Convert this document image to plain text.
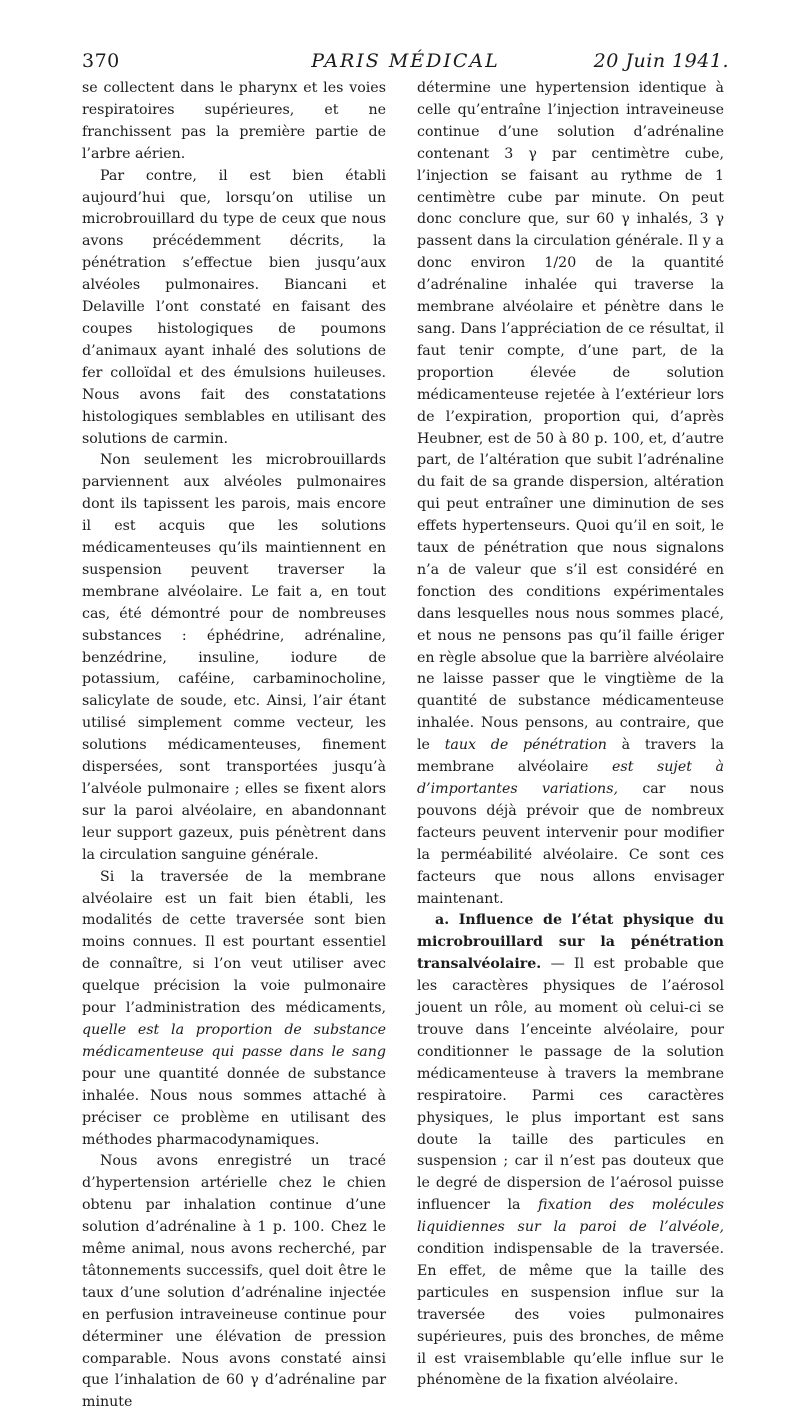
370	PARIS MÉDICAL	20 Juin 1941.

se collectent dans le pharynx et les voies respiratoires supérieures, et ne franchissent pas la première partie de l’arbre aérien.

Par contre, il est bien établi aujourd’hui que, lorsqu’on utilise un microbrouillard du type de ceux que nous avons précédemment décrits, la pénétration s’effectue bien jusqu’aux alvéoles pulmonaires. Biancani et Delaville l’ont constaté en faisant des coupes histologiques de poumons d’animaux ayant inhalé des solutions de fer colloïdal et des émulsions huileuses. Nous avons fait des constatations histologiques semblables en utilisant des solutions de carmin.

Non seulement les microbrouillards parviennent aux alvéoles pulmonaires dont ils tapissent les parois, mais encore il est acquis que les solutions médicamenteuses qu’ils maintiennent en suspension peuvent traverser la membrane alvéolaire. Le fait a, en tout cas, été démontré pour de nombreuses substances : éphédrine, adrénaline, benzédrine, insuline, iodure de potassium, caféine, carbaminocholine, salicylate de soude, etc. Ainsi, l’air étant utilisé simplement comme vecteur, les solutions médicamenteuses, finement dispersées, sont transportées jusqu’à l’alvéole pulmonaire ; elles se fixent alors sur la paroi alvéolaire, en abandonnant leur support gazeux, puis pénètrent dans la circulation sanguine générale.

Si la traversée de la membrane alvéolaire est un fait bien établi, les modalités de cette traversée sont bien moins connues. Il est pourtant essentiel de connaître, si l’on veut utiliser avec quelque précision la voie pulmonaire pour l’administration des médicaments, quelle est la proportion de substance médicamenteuse qui passe dans le sang pour une quantité donnée de substance inhalée. Nous nous sommes attaché à préciser ce problème en utilisant des méthodes pharmacodynamiques.

Nous avons enregistré un tracé d’hypertension artérielle chez le chien obtenu par inhalation continue d’une solution d’adrénaline à 1 p. 100. Chez le même animal, nous avons recherché, par tâtonnements successifs, quel doit être le taux d’une solution d’adrénaline injectée en perfusion intraveineuse continue pour déterminer une élévation de pression comparable. Nous avons constaté ainsi que l’inhalation de 60 γ d’adrénaline par minute

détermine une hypertension identique à celle qu’entraîne l’injection intraveineuse continue d’une solution d’adrénaline contenant 3 γ par centimètre cube, l’injection se faisant au rythme de 1 centimètre cube par minute. On peut donc conclure que, sur 60 γ inhalés, 3 γ passent dans la circulation générale. Il y a donc environ 1/20 de la quantité d’adrénaline inhalée qui traverse la membrane alvéolaire et pénètre dans le sang. Dans l’appréciation de ce résultat, il faut tenir compte, d’une part, de la proportion élevée de solution médicamenteuse rejetée à l’extérieur lors de l’expiration, proportion qui, d’après Heubner, est de 50 à 80 p. 100, et, d’autre part, de l’altération que subit l’adrénaline du fait de sa grande dispersion, altération qui peut entraîner une diminution de ses effets hypertenseurs. Quoi qu’il en soit, le taux de pénétration que nous signalons n’a de valeur que s’il est considéré en fonction des conditions expérimentales dans lesquelles nous nous sommes placé, et nous ne pensons pas qu’il faille ériger en règle absolue que la barrière alvéolaire ne laisse passer que le vingtième de la quantité de substance médicamenteuse inhalée. Nous pensons, au contraire, que le taux de pénétration à travers la membrane alvéolaire est sujet à d’importantes variations, car nous pouvons déjà prévoir que de nombreux facteurs peuvent intervenir pour modifier la perméabilité alvéolaire. Ce sont ces facteurs que nous allons envisager maintenant.

a. Influence de l’état physique du microbrouillard sur la pénétration transalvéolaire. — Il est probable que les caractères physiques de l’aérosol jouent un rôle, au moment où celui-ci se trouve dans l’enceinte alvéolaire, pour conditionner le passage de la solution médicamenteuse à travers la membrane respiratoire. Parmi ces caractères physiques, le plus important est sans doute la taille des particules en suspension ; car il n’est pas douteux que le degré de dispersion de l’aérosol puisse influencer la fixation des molécules liquidiennes sur la paroi de l’alvéole, condition indispensable de la traversée. En effet, de même que la taille des particules en suspension influe sur la traversée des voies pulmonaires supérieures, puis des bronches, de même il est vraisemblable qu’elle influe sur le phénomène de la fixation alvéolaire.
